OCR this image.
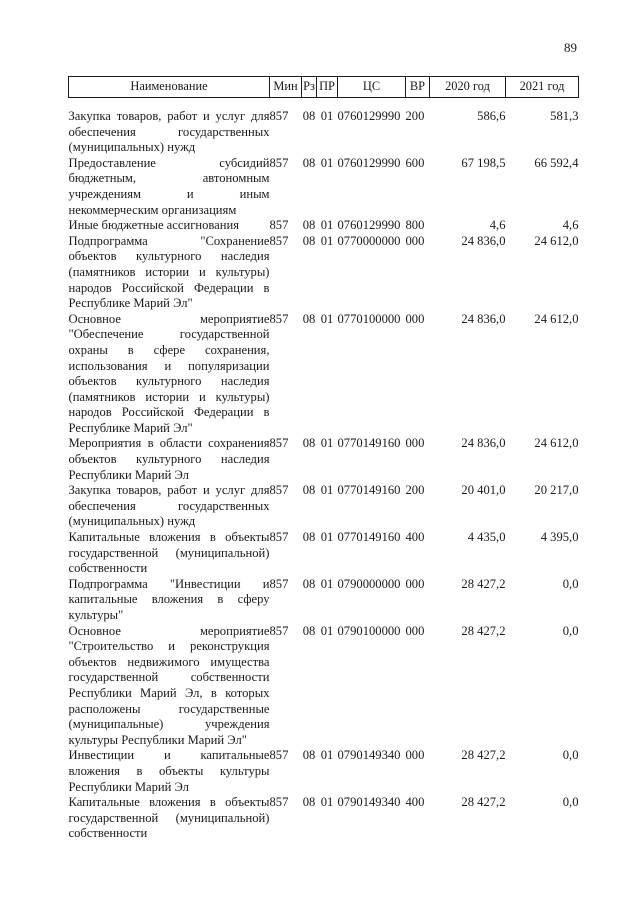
89
Наименование	Мин	Рз	ПР	ЦС	ВР	2020 год	2021 год

Закупка товаров, работ и услуг для обеспечения государственных (муниципальных) нужд	857	08	01	0760129990	200	586,6	581,3
Предоставление субсидий бюджетным, автономным учреждениям и иным некоммерческим организациям	857	08	01	0760129990	600	67 198,5	66 592,4
Иные бюджетные ассигнования	857	08	01	0760129990	800	4,6	4,6
Подпрограмма "Сохранение объектов культурного наследия (памятников истории и культуры) народов Российской Федерации в Республике Марий Эл"	857	08	01	0770000000	000	24 836,0	24 612,0
Основное мероприятие "Обеспечение государственной охраны в сфере сохранения, использования и популяризации объектов культурного наследия (памятников истории и культуры) народов Российской Федерации в Республике Марий Эл"	857	08	01	0770100000	000	24 836,0	24 612,0
Мероприятия в области сохранения объектов культурного наследия Республики Марий Эл	857	08	01	0770149160	000	24 836,0	24 612,0
Закупка товаров, работ и услуг для обеспечения государственных (муниципальных) нужд	857	08	01	0770149160	200	20 401,0	20 217,0
Капитальные вложения в объекты государственной (муниципальной) собственности	857	08	01	0770149160	400	4 435,0	4 395,0
Подпрограмма "Инвестиции и капитальные вложения в сферу культуры"	857	08	01	0790000000	000	28 427,2	0,0
Основное мероприятие "Строительство и реконструкция объектов недвижимого имущества государственной собственности Республики Марий Эл, в которых расположены государственные (муниципальные) учреждения культуры Республики Марий Эл"	857	08	01	0790100000	000	28 427,2	0,0
Инвестиции и капитальные вложения в объекты культуры Республики Марий Эл	857	08	01	0790149340	000	28 427,2	0,0
Капитальные вложения в объекты государственной (муниципальной) собственности	857	08	01	0790149340	400	28 427,2	0,0
